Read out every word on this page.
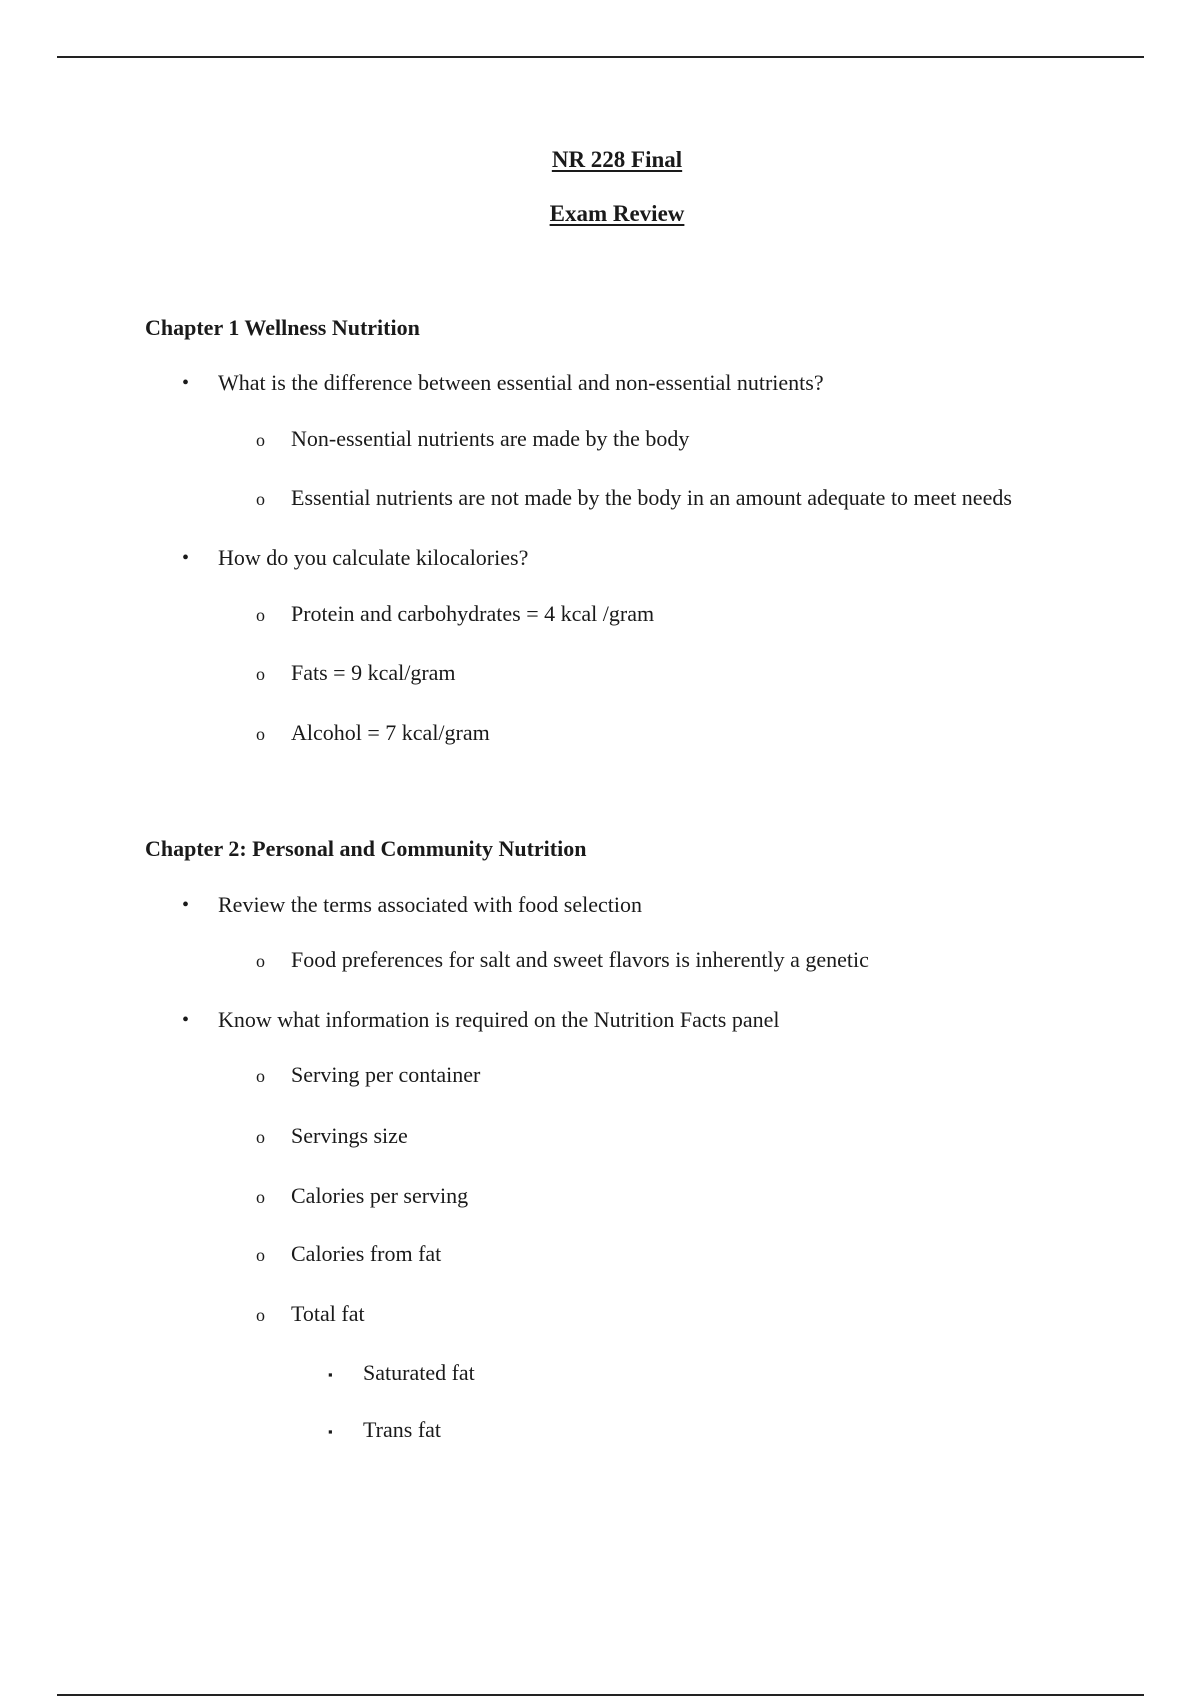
NR 228 Final
Exam Review
Chapter 1 Wellness Nutrition
• What is the difference between essential and non-essential nutrients?
o Non-essential nutrients are made by the body
o Essential nutrients are not made by the body in an amount adequate to meet needs
• How do you calculate kilocalories?
o Protein and carbohydrates = 4 kcal /gram
o Fats = 9 kcal/gram
o Alcohol = 7 kcal/gram
Chapter 2: Personal and Community Nutrition
• Review the terms associated with food selection
o Food preferences for salt and sweet flavors is inherently a genetic
• Know what information is required on the Nutrition Facts panel
o Serving per container
o Servings size
o Calories per serving
o Calories from fat
o Total fat
▪ Saturated fat
▪ Trans fat
